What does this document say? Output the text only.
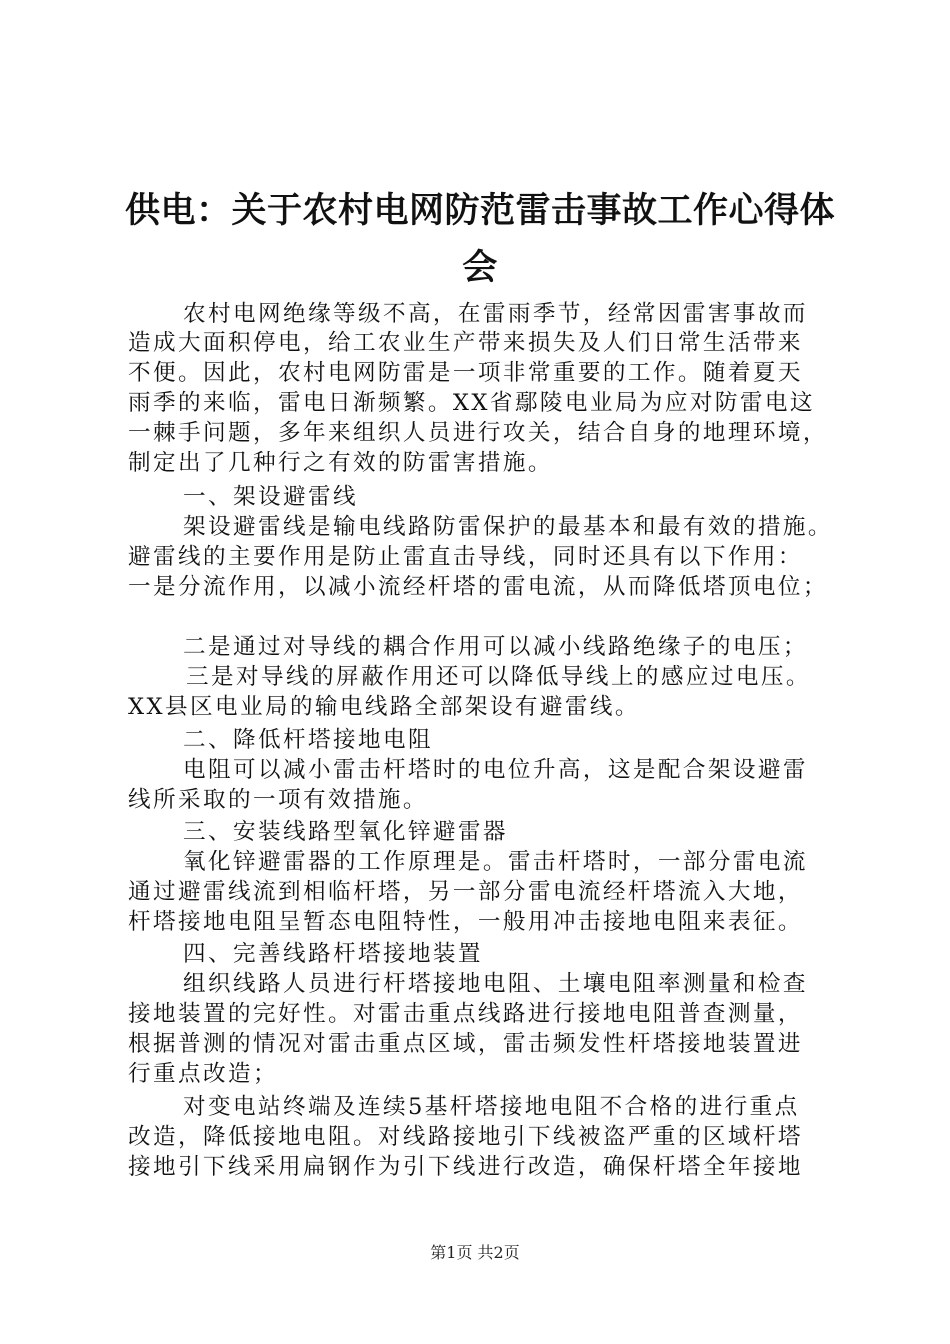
供电：关于农村电网防范雷击事故工作心得体
会
农村电网绝缘等级不高，在雷雨季节，经常因雷害事故而
造成大面积停电，给工农业生产带来损失及人们日常生活带来
不便。因此，农村电网防雷是一项非常重要的工作。随着夏天
雨季的来临，雷电日渐频繁。XX省鄢陵电业局为应对防雷电这
一棘手问题，多年来组织人员进行攻关，结合自身的地理环境，
制定出了几种行之有效的防雷害措施。
一、架设避雷线
架设避雷线是输电线路防雷保护的最基本和最有效的措施。
避雷线的主要作用是防止雷直击导线，同时还具有以下作用：
一是分流作用，以减小流经杆塔的雷电流，从而降低塔顶电位；
二是通过对导线的耦合作用可以减小线路绝缘子的电压；
三是对导线的屏蔽作用还可以降低导线上的感应过电压。
XX县区电业局的输电线路全部架设有避雷线。
二、降低杆塔接地电阻
电阻可以减小雷击杆塔时的电位升高，这是配合架设避雷
线所采取的一项有效措施。
三、安装线路型氧化锌避雷器
氧化锌避雷器的工作原理是。雷击杆塔时，一部分雷电流
通过避雷线流到相临杆塔，另一部分雷电流经杆塔流入大地，
杆塔接地电阻呈暂态电阻特性，一般用冲击接地电阻来表征。
四、完善线路杆塔接地装置
组织线路人员进行杆塔接地电阻、土壤电阻率测量和检查
接地装置的完好性。对雷击重点线路进行接地电阻普查测量，
根据普测的情况对雷击重点区域，雷击频发性杆塔接地装置进
行重点改造；
对变电站终端及连续5基杆塔接地电阻不合格的进行重点
改造，降低接地电阻。对线路接地引下线被盗严重的区域杆塔
接地引下线采用扁钢作为引下线进行改造，确保杆塔全年接地
第1页 共2页
